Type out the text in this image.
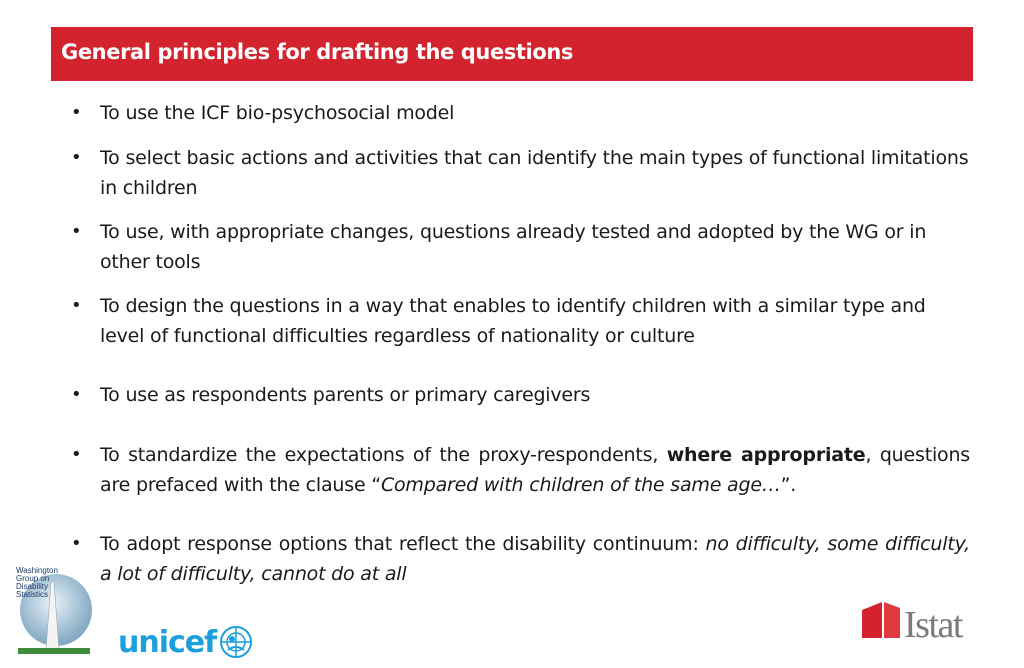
General principles for drafting the questions
• To use the ICF bio-psychosocial model
• To select basic actions and activities that can identify the main types of functional limitations in children
• To use, with appropriate changes, questions already tested and adopted by the WG or in other tools
• To design the questions in a way that enables to identify children with a similar type and level of functional difficulties regardless of nationality or culture
• To use as respondents parents or primary caregivers
• To standardize the expectations of the proxy-respondents, where appropriate, questions are prefaced with the clause “Compared with children of the same age…”.
• To adopt response options that reflect the disability continuum: no difficulty, some difficulty, a lot of difficulty, cannot do at all
Washington
Group on
Disability
Statistics
unicef	Istat
